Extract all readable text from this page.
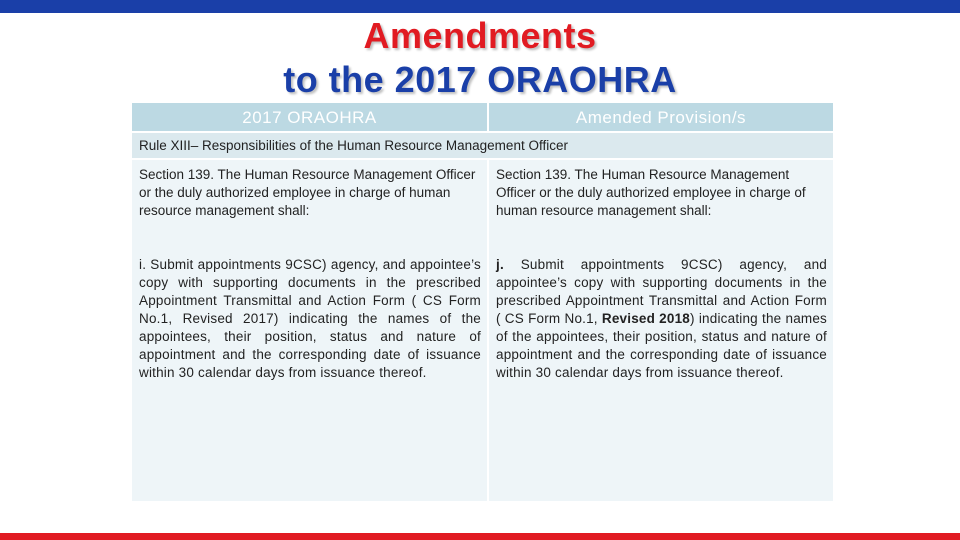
Amendments
to the 2017 ORAOHRA
2017 ORAOHRA	Amended Provision/s
Rule XIII– Responsibilities of the Human Resource Management Officer

Section 139. The Human Resource Management Officer or the duly authorized employee in charge of human resource management shall:

i. Submit appointments 9CSC) agency, and appointee’s copy with supporting documents in the prescribed Appointment Transmittal and Action Form ( CS Form No.1, Revised 2017) indicating the names of the appointees, their position, status and nature of appointment and the corresponding date of issuance within 30 calendar days from issuance thereof.

Section 139. The Human Resource Management Officer or the duly authorized employee in charge of human resource management shall:

j. Submit appointments 9CSC) agency, and appointee’s copy with supporting documents in the prescribed Appointment Transmittal and Action Form ( CS Form No.1, Revised 2018) indicating the names of the appointees, their position, status and nature of appointment and the corresponding date of issuance within 30 calendar days from issuance thereof.
